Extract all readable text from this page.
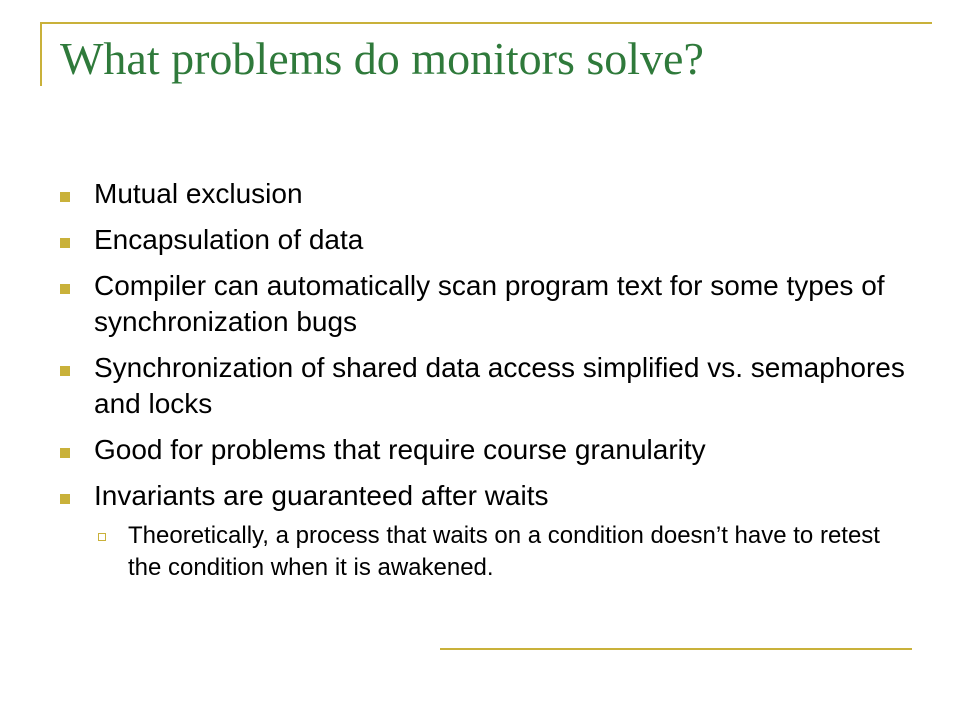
What problems do monitors solve?
Mutual exclusion
Encapsulation of data
Compiler can automatically scan program text for some types of synchronization bugs
Synchronization of shared data access simplified vs. semaphores and locks
Good for problems that require course granularity
Invariants are guaranteed after waits
Theoretically, a process that waits on a condition doesn’t have to retest the condition when it is awakened.
